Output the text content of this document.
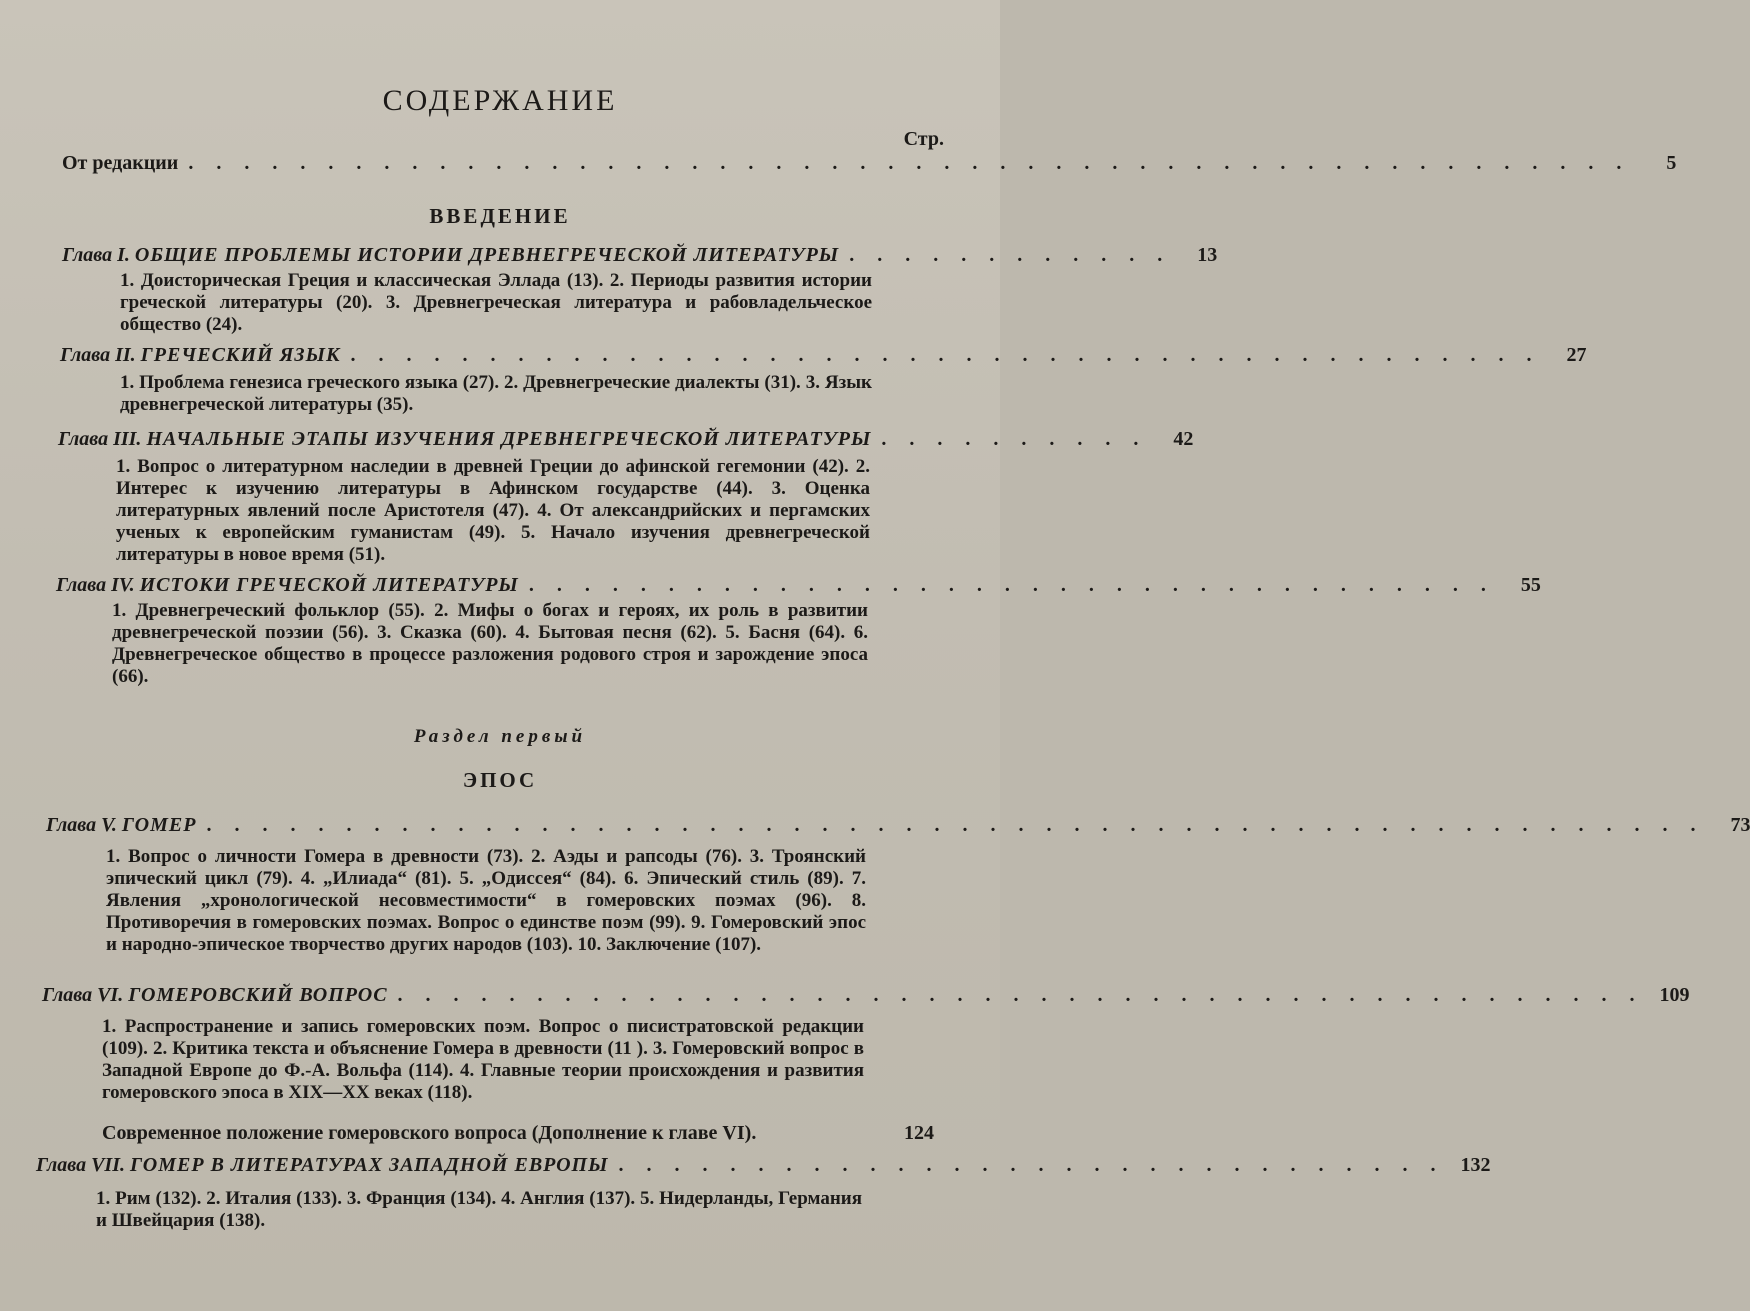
СОДЕРЖАНИЕ
Стр.
От редакции . . . . . . . . . . . . . . . . . . . . . . . . . . . . . . . . . . . . . . . . . . . . . . . . . . . .	5
ВВЕДЕНИЕ
Глава I. ОБЩИЕ ПРОБЛЕМЫ ИСТОРИИ ДРЕВНЕГРЕЧЕСКОЙ ЛИТЕРАТУРЫ . . . . . . . . . . . .	13
1. Доисторическая Греция и классическая Эллада (13). 2. Периоды развития истории греческой литературы (20). 3. Древнегреческая литература и рабовладельческое общество (24).
Глава II. ГРЕЧЕСКИЙ ЯЗЫК . . . . . . . . . . . . . . . . . . . . . . . . . . . . . . . . . . . . . . . . . . .	27
1. Проблема генезиса греческого языка (27). 2. Древнегреческие диалекты (31). 3. Язык древнегреческой литературы (35).
Глава III. НАЧАЛЬНЫЕ ЭТАПЫ ИЗУЧЕНИЯ ДРЕВНЕГРЕЧЕСКОЙ ЛИТЕРАТУРЫ . . . . . . . . . .	42
1. Вопрос о литературном наследии в древней Греции до афинской гегемонии (42). 2. Интерес к изучению литературы в Афинском государстве (44). 3. Оценка литературных явлений после Аристотеля (47). 4. От александрийских и пергамских ученых к европейским гуманистам (49). 5. Начало изучения древнегреческой литературы в новое время (51).
Глава IV. ИСТОКИ ГРЕЧЕСКОЙ ЛИТЕРАТУРЫ . . . . . . . . . . . . . . . . . . . . . . . . . . . . . . . . . . .	55
1. Древнегреческий фольклор (55). 2. Мифы о богах и героях, их роль в развитии древнегреческой поэзии (56). 3. Сказка (60). 4. Бытовая песня (62). 5. Басня (64). 6. Древнегреческое общество в процессе разложения родового строя и зарождение эпоса (66).
Раздел первый
ЭПОС
Глава V. ГОМЕР . . . . . . . . . . . . . . . . . . . . . . . . . . . . . . . . . . . . . . . . . . . . . . . . . . . . . .	73
1. Вопрос о личности Гомера в древности (73). 2. Аэды и рапсоды (76). 3. Троянский эпический цикл (79). 4. „Илиада“ (81). 5. „Одиссея“ (84). 6. Эпический стиль (89). 7. Явления „хронологической несовместимости“ в гомеровских поэмах (96). 8. Противоречия в гомеровских поэмах. Вопрос о единстве поэм (99). 9. Гомеровский эпос и народно-эпическое творчество других народов (103). 10. Заключение (107).
Глава VI. ГОМЕРОВСКИЙ ВОПРОС . . . . . . . . . . . . . . . . . . . . . . . . . . . . . . . . . . . . . . . . . . . . . 109
1. Распространение и запись гомеровских поэм. Вопрос о писистратовской редакции (109). 2. Критика текста и объяснение Гомера в древности (11 ). 3. Гомеровский вопрос в Западной Европе до Ф.-А. Вольфа (114). 4. Главные теории происхождения и развития гомеровского эпоса в XIX—XX веках (118).
Современное положение гомеровского вопроса (Дополнение к главе VI).	124
Глава VII. ГОМЕР В ЛИТЕРАТУРАХ ЗАПАДНОЙ ЕВРОПЫ . . . . . . . . . . . . . . . . . . . . . . . . . . . . . . 132
1. Рим (132). 2. Италия (133). 3. Франция (134). 4. Англия (137). 5. Нидерланды, Германия и Швейцария (138).
